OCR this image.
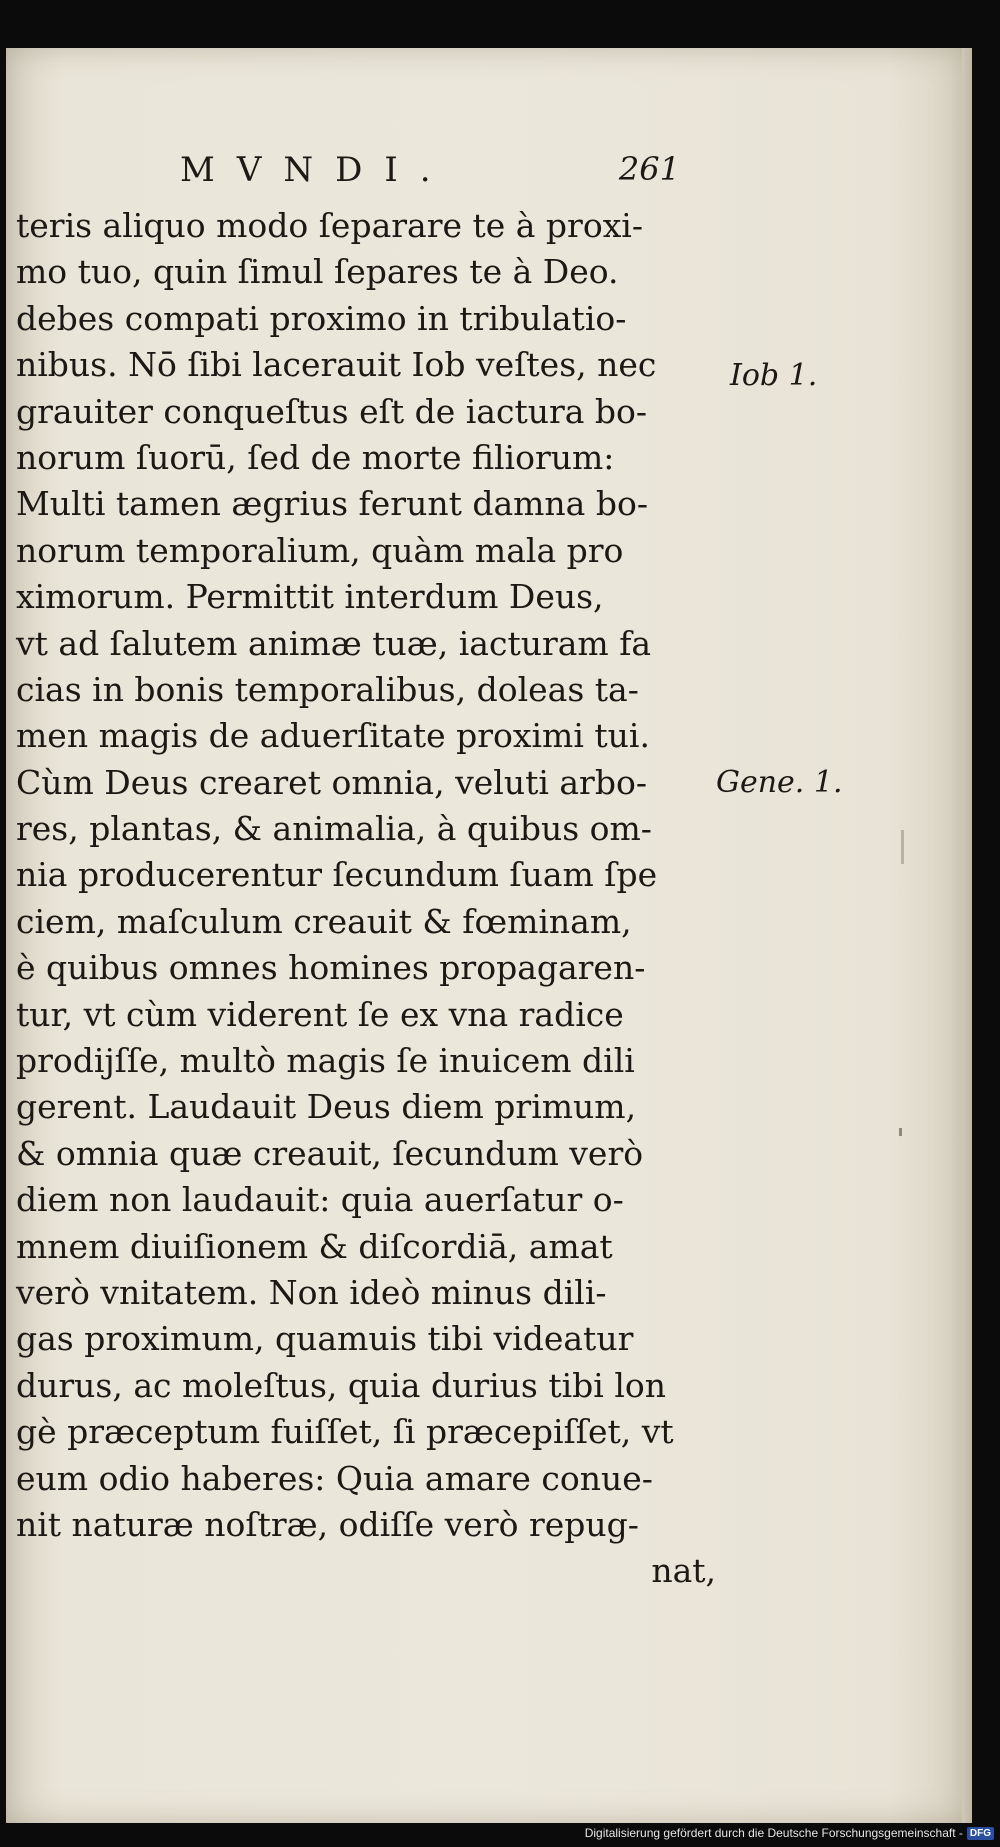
MVNDI.	261
teris aliquo modo ſeparare te à proxi-
mo tuo, quin ſimul ſepares te à Deo.
debes compati proximo in tribulatio-
nibus. Nō ſibi lacerauit Iob veſtes, nec
grauiter conqueſtus eſt de iactura bo-
norum ſuorū, ſed de morte filiorum:
Multi tamen ægrius ferunt damna bo-
norum temporalium, quàm mala pro
ximorum. Permittit interdum Deus,
vt ad ſalutem animæ tuæ, iacturam fa
cias in bonis temporalibus, doleas ta-
men magis de aduerſitate proximi tui.
Cùm Deus crearet omnia, veluti arbo-
res, plantas, & animalia, à quibus om-
nia producerentur ſecundum ſuam ſpe
ciem, maſculum creauit & fœminam,
è quibus omnes homines propagaren-
tur, vt cùm viderent ſe ex vna radice
prodijſſe, multò magis ſe inuicem dili
gerent. Laudauit Deus diem primum,
& omnia quæ creauit, ſecundum verò
diem non laudauit: quia auerſatur o-
mnem diuiſionem & diſcordiā, amat
verò vnitatem. Non ideò minus dili-
gas proximum, quamuis tibi videatur
durus, ac moleſtus, quia durius tibi lon
gè præceptum fuiſſet, ſi præcepiſſet, vt
eum odio haberes: Quia amare conue-
nit naturæ noſtræ, odiſſe verò repug-
nat,
Iob 1.
Gene. 1.
Digitalisierung gefördert durch die Deutsche Forschungsgemeinschaft - DFG
